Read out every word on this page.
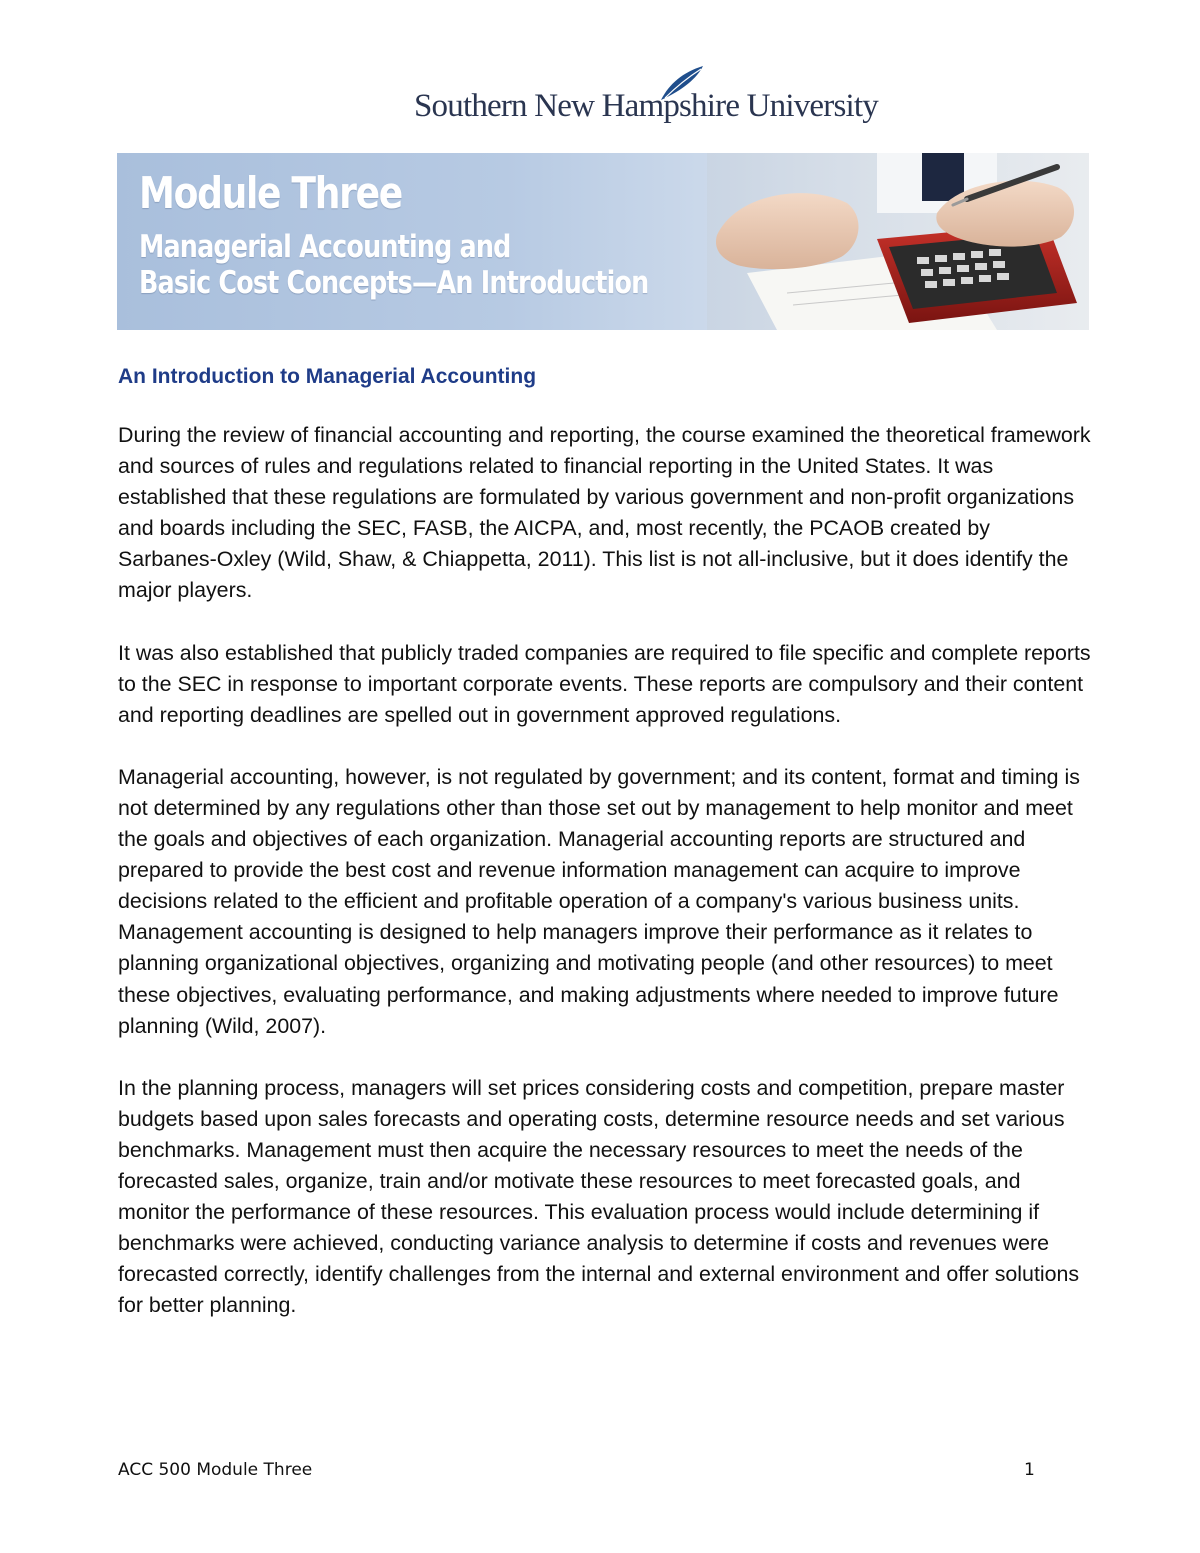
Southern New Hampshire University
Module Three
Managerial Accounting and
Basic Cost Concepts—An Introduction
An Introduction to Managerial Accounting

During the review of financial accounting and reporting, the course examined the theoretical framework and sources of rules and regulations related to financial reporting in the United States. It was established that these regulations are formulated by various government and non-profit organizations and boards including the SEC, FASB, the AICPA, and, most recently, the PCAOB created by Sarbanes-Oxley (Wild, Shaw, & Chiappetta, 2011). This list is not all-inclusive, but it does identify the major players.

It was also established that publicly traded companies are required to file specific and complete reports to the SEC in response to important corporate events. These reports are compulsory and their content and reporting deadlines are spelled out in government approved regulations.

Managerial accounting, however, is not regulated by government; and its content, format and timing is not determined by any regulations other than those set out by management to help monitor and meet the goals and objectives of each organization. Managerial accounting reports are structured and prepared to provide the best cost and revenue information management can acquire to improve decisions related to the efficient and profitable operation of a company's various business units. Management accounting is designed to help managers improve their performance as it relates to planning organizational objectives, organizing and motivating people (and other resources) to meet these objectives, evaluating performance, and making adjustments where needed to improve future planning (Wild, 2007).

In the planning process, managers will set prices considering costs and competition, prepare master budgets based upon sales forecasts and operating costs, determine resource needs and set various benchmarks. Management must then acquire the necessary resources to meet the needs of the forecasted sales, organize, train and/or motivate these resources to meet forecasted goals, and monitor the performance of these resources. This evaluation process would include determining if benchmarks were achieved, conducting variance analysis to determine if costs and revenues were forecasted correctly, identify challenges from the internal and external environment and offer solutions for better planning.

ACC 500 Module Three	1
